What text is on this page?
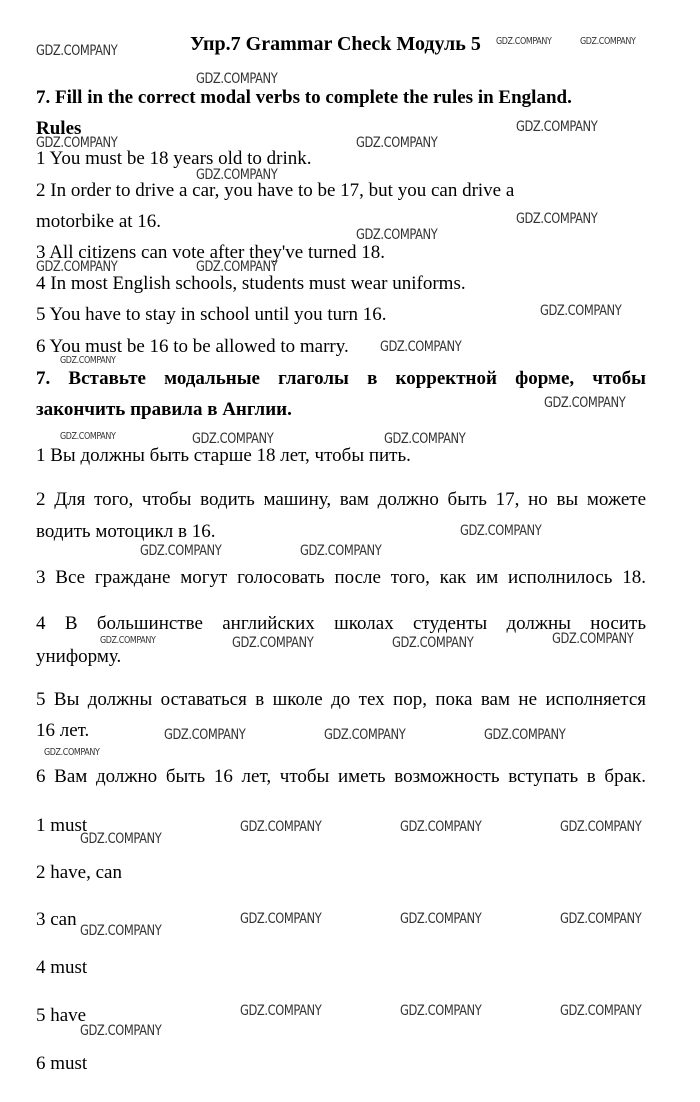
Упр.7 Grammar Check Модуль 5
7. Fill in the correct modal verbs to complete the rules in England.
Rules
1 You must be 18 years old to drink.
2 In order to drive a car, you have to be 17, but you can drive a
motorbike at 16.
3 All citizens can vote after they've turned 18.
4 In most English schools, students must wear uniforms.
5 You have to stay in school until you turn 16.
6 You must be 16 to be allowed to marry.
7. Вставьте модальные глаголы в корректной форме, чтобы
закончить правила в Англии.
1 Вы должны быть старше 18 лет, чтобы пить.
2 Для того, чтобы водить машину, вам должно быть 17, но вы можете
водить мотоцикл в 16.
3 Все граждане могут голосовать после того, как им исполнилось 18.
4 В большинстве английских школах студенты должны носить
униформу.
5 Вы должны оставаться в школе до тех пор, пока вам не исполняется
16 лет.
6 Вам должно быть 16 лет, чтобы иметь возможность вступать в брак.
1 must
2 have, can
3 can
4 must
5 have
6 must
GDZ.COMPANY
GDZ.COMPANY	GDZ.COMPANY
GDZ.COMPANY
GDZ.COMPANY
GDZ.COMPANY	GDZ.COMPANY
GDZ.COMPANY
GDZ.COMPANY
GDZ.COMPANY
GDZ.COMPANY	GDZ.COMPANY
GDZ.COMPANY
GDZ.COMPANY
GDZ.COMPANY
GDZ.COMPANY
GDZ.COMPANY	GDZ.COMPANY	GDZ.COMPANY
GDZ.COMPANY
GDZ.COMPANY	GDZ.COMPANY
GDZ.COMPANY	GDZ.COMPANY	GDZ.COMPANY	GDZ.COMPANY
GDZ.COMPANY	GDZ.COMPANY	GDZ.COMPANY
GDZ.COMPANY
GDZ.COMPANY	GDZ.COMPANY	GDZ.COMPANY
GDZ.COMPANY
GDZ.COMPANY	GDZ.COMPANY	GDZ.COMPANY
GDZ.COMPANY
GDZ.COMPANY	GDZ.COMPANY	GDZ.COMPANY
GDZ.COMPANY
